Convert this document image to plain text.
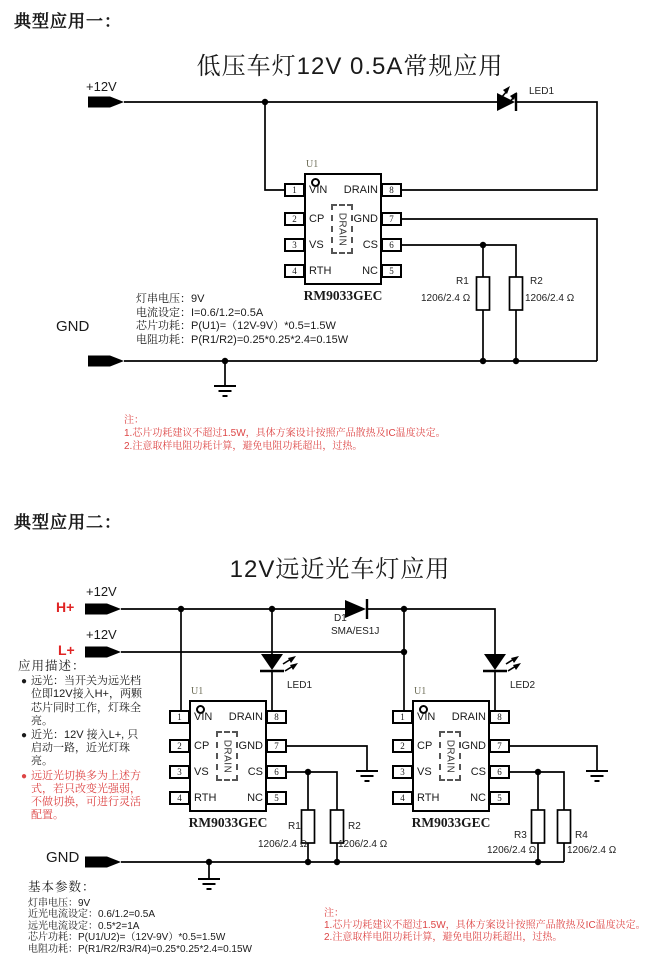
典型应用一：
低压车灯12V 0.5A常规应用
+12V
GND
LED1
R1
1206/2.4 Ω
R2
1206/2.4 Ω
灯串电压：9V
电流设定：I=0.6/1.2=0.5A
芯片功耗：P(U1)=（12V-9V）*0.5=1.5W
电阻功耗：P(R1/R2)=0.25*0.25*2.4=0.15W
注：
1.芯片功耗建议不超过1.5W，具体方案设计按照产品散热及IC温度决定。
2.注意取样电阻功耗计算，避免电阻功耗超出，过热。
典型应用二：
12V远近光车灯应用
+12V
H+
+12V
L+
GND
D1
SMA/ES1J
LED1	LED2
R1
1206/2.4 Ω
R2
1206/2.4 Ω
R3
1206/2.4 Ω
R4
1206/2.4 Ω
应用描述：
● 远光：当开关为远光档位即12V接入H+，两颗芯片同时工作，灯珠全亮。
● 近光：12V 接入L+, 只启动一路，近光灯珠亮。
● 远近光切换多为上述方式，若只改变光强弱，不做切换，可进行灵活配置。
基本参数：
灯串电压：9V
近光电流设定：0.6/1.2=0.5A
远光电流设定：0.5*2=1A
芯片功耗：P(U1/U2)=（12V-9V）*0.5=1.5W
电阻功耗：P(R1/R2/R3/R4)=0.25*0.25*2.4=0.15W
注：
1.芯片功耗建议不超过1.5W，具体方案设计按照产品散热及IC温度决定。
2.注意取样电阻功耗计算，避免电阻功耗超出，过热。
U1
DRAIN
1
2
3
4
8
7
6
5
VIN
CP
VS
RTH
DRAIN
GND
CS
NC
RM9033GEC
U1
DRAIN
1
2
3
4
8
7
6
5
VIN
CP
VS
RTH
DRAIN
GND
CS
NC
RM9033GEC
U1
DRAIN
1
2
3
4
8
7
6
5
VIN
CP
VS
RTH
DRAIN
GND
CS
NC
RM9033GEC
